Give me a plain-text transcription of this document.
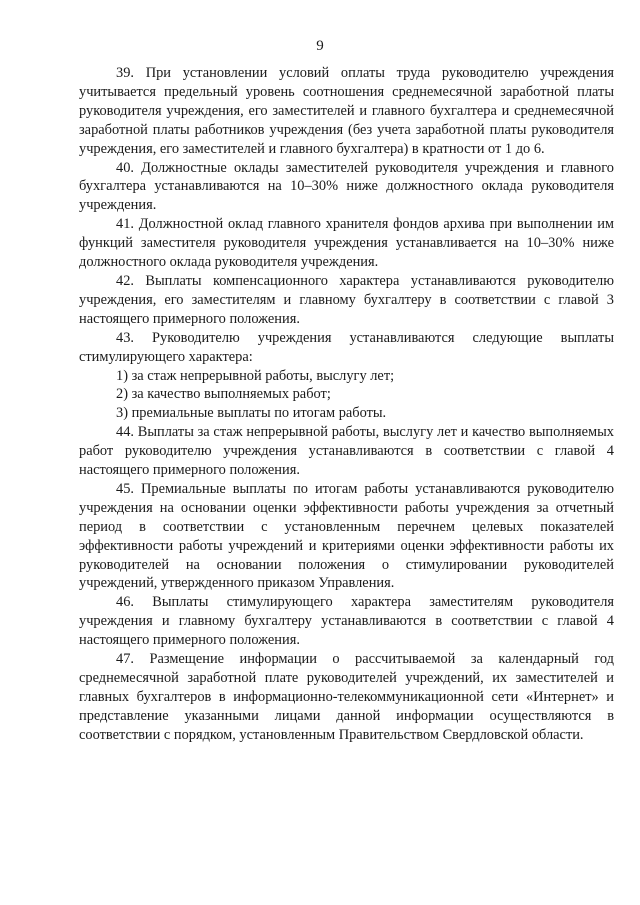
9

39. При установлении условий оплаты труда руководителю учреждения учитывается предельный уровень соотношения среднемесячной заработной платы руководителя учреждения, его заместителей и главного бухгалтера и среднемесячной заработной платы работников учреждения (без учета заработной платы руководителя учреждения, его заместителей и главного бухгалтера) в кратности от 1 до 6.

40. Должностные оклады заместителей руководителя учреждения и главного бухгалтера устанавливаются на 10–30% ниже должностного оклада руководителя учреждения.

41. Должностной оклад главного хранителя фондов архива при выполнении им функций заместителя руководителя учреждения устанавливается на 10–30% ниже должностного оклада руководителя учреждения.

42. Выплаты компенсационного характера устанавливаются руководителю учреждения, его заместителям и главному бухгалтеру в соответствии с главой 3 настоящего примерного положения.

43. Руководителю учреждения устанавливаются следующие выплаты стимулирующего характера:

1) за стаж непрерывной работы, выслугу лет;

2) за качество выполняемых работ;

3) премиальные выплаты по итогам работы.

44. Выплаты за стаж непрерывной работы, выслугу лет и качество выполняемых работ руководителю учреждения устанавливаются в соответствии с главой 4 настоящего примерного положения.

45. Премиальные выплаты по итогам работы устанавливаются руководителю учреждения на основании оценки эффективности работы учреждения за отчетный период в соответствии с установленным перечнем целевых показателей эффективности работы учреждений и критериями оценки эффективности работы их руководителей на основании положения о стимулировании руководителей учреждений, утвержденного приказом Управления.

46. Выплаты стимулирующего характера заместителям руководителя учреждения и главному бухгалтеру устанавливаются в соответствии с главой 4 настоящего примерного положения.

47. Размещение информации о рассчитываемой за календарный год среднемесячной заработной плате руководителей учреждений, их заместителей и главных бухгалтеров в информационно-телекоммуникационной сети «Интернет» и представление указанными лицами данной информации осуществляются в соответствии с порядком, установленным Правительством Свердловской области.
